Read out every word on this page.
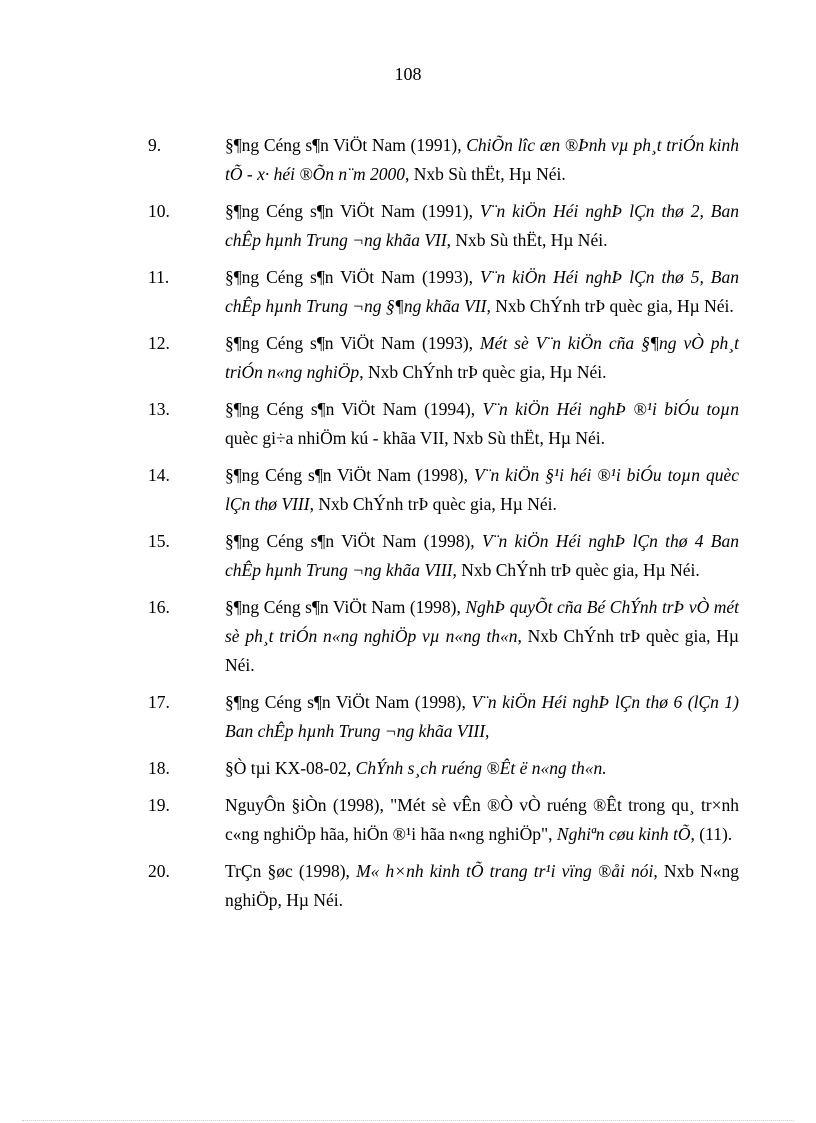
108
9.	§¶ng Céng s¶n ViÖt Nam (1991), ChiÕn lîc æn ®Þnh vµ ph¸t triÓn kinh tÕ - x· héi ®Õn n¨m 2000, Nxb Sù thËt, Hµ Néi.
10.	§¶ng Céng s¶n ViÖt Nam (1991), V¨n kiÖn Héi nghÞ lÇn thø 2, Ban chÊp hµnh Trung ¬ng khãa VII, Nxb Sù thËt, Hµ Néi.
11.	§¶ng Céng s¶n ViÖt Nam (1993), V¨n kiÖn Héi nghÞ lÇn thø 5, Ban chÊp hµnh Trung ¬ng §¶ng khãa VII, Nxb ChÝnh trÞ quèc gia, Hµ Néi.
12.	§¶ng Céng s¶n ViÖt Nam (1993), Mét sè V¨n kiÖn cña §¶ng vÒ ph¸t triÓn n«ng nghiÖp, Nxb ChÝnh trÞ quèc gia, Hµ Néi.
13.	§¶ng Céng s¶n ViÖt Nam (1994), V¨n kiÖn Héi nghÞ ®¹i biÓu toµn quèc gi÷a nhiÖm kú - khãa VII, Nxb Sù thËt, Hµ Néi.
14.	§¶ng Céng s¶n ViÖt Nam (1998), V¨n kiÖn §¹i héi ®¹i biÓu toµn quèc lÇn thø VIII, Nxb ChÝnh trÞ quèc gia, Hµ Néi.
15.	§¶ng Céng s¶n ViÖt Nam (1998), V¨n kiÖn Héi nghÞ lÇn thø 4 Ban chÊp hµnh Trung ¬ng khãa VIII, Nxb ChÝnh trÞ quèc gia, Hµ Néi.
16.	§¶ng Céng s¶n ViÖt Nam (1998), NghÞ quyÕt cña Bé ChÝnh trÞ vÒ mét sè ph¸t triÓn n«ng nghiÖp vµ n«ng th«n, Nxb ChÝnh trÞ quèc gia, Hµ Néi.
17.	§¶ng Céng s¶n ViÖt Nam (1998), V¨n kiÖn Héi nghÞ lÇn thø 6 (lÇn 1) Ban chÊp hµnh Trung ¬ng khãa VIII,
18.	§Ò tµi KX-08-02, ChÝnh s¸ch ruéng ®Êt ë n«ng th«n.
19.	NguyÔn §iÒn (1998), "Mét sè vÊn ®Ò vÒ ruéng ®Êt trong qu¸ tr×nh c«ng nghiÖp hãa, hiÖn ®¹i hãa n«ng nghiÖp", Nghiªn cøu kinh tÕ, (11).
20.	TrÇn §øc (1998), M« h×nh kinh tÕ trang tr¹i vïng ®åi nói, Nxb N«ng nghiÖp, Hµ Néi.
